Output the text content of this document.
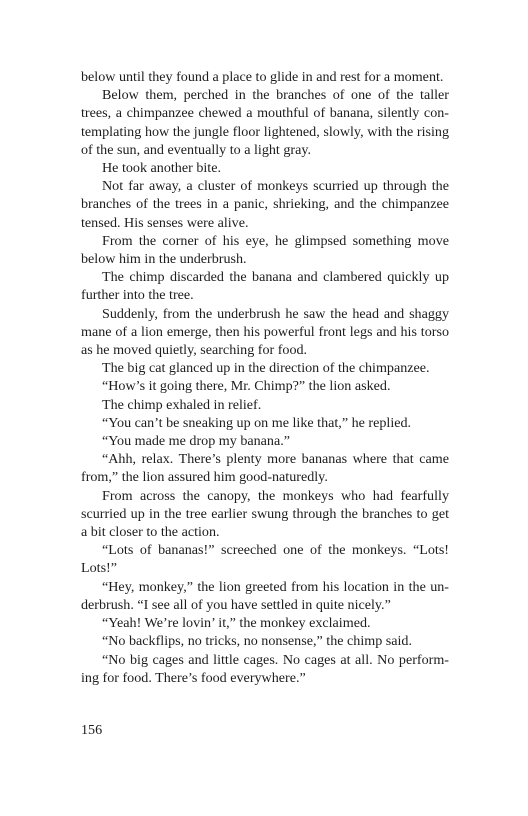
below until they found a place to glide in and rest for a moment.

Below them, perched in the branches of one of the taller trees, a chimpanzee chewed a mouthful of banana, silently contemplating how the jungle floor lightened, slowly, with the rising of the sun, and eventually to a light gray.

He took another bite.

Not far away, a cluster of monkeys scurried up through the branches of the trees in a panic, shrieking, and the chimpanzee tensed. His senses were alive.

From the corner of his eye, he glimpsed something move below him in the underbrush.

The chimp discarded the banana and clambered quickly up further into the tree.

Suddenly, from the underbrush he saw the head and shaggy mane of a lion emerge, then his powerful front legs and his torso as he moved quietly, searching for food.

The big cat glanced up in the direction of the chimpanzee.

“How’s it going there, Mr. Chimp?” the lion asked.

The chimp exhaled in relief.

“You can’t be sneaking up on me like that,” he replied.

“You made me drop my banana.”

“Ahh, relax. There’s plenty more bananas where that came from,” the lion assured him good-naturedly.

From across the canopy, the monkeys who had fearfully scurried up in the tree earlier swung through the branches to get a bit closer to the action.

“Lots of bananas!” screeched one of the monkeys. “Lots! Lots!”

“Hey, monkey,” the lion greeted from his location in the underbrush. “I see all of you have settled in quite nicely.”

“Yeah! We’re lovin’ it,” the monkey exclaimed.

“No backflips, no tricks, no nonsense,” the chimp said.

“No big cages and little cages. No cages at all. No performing for food. There’s food everywhere.”

156
